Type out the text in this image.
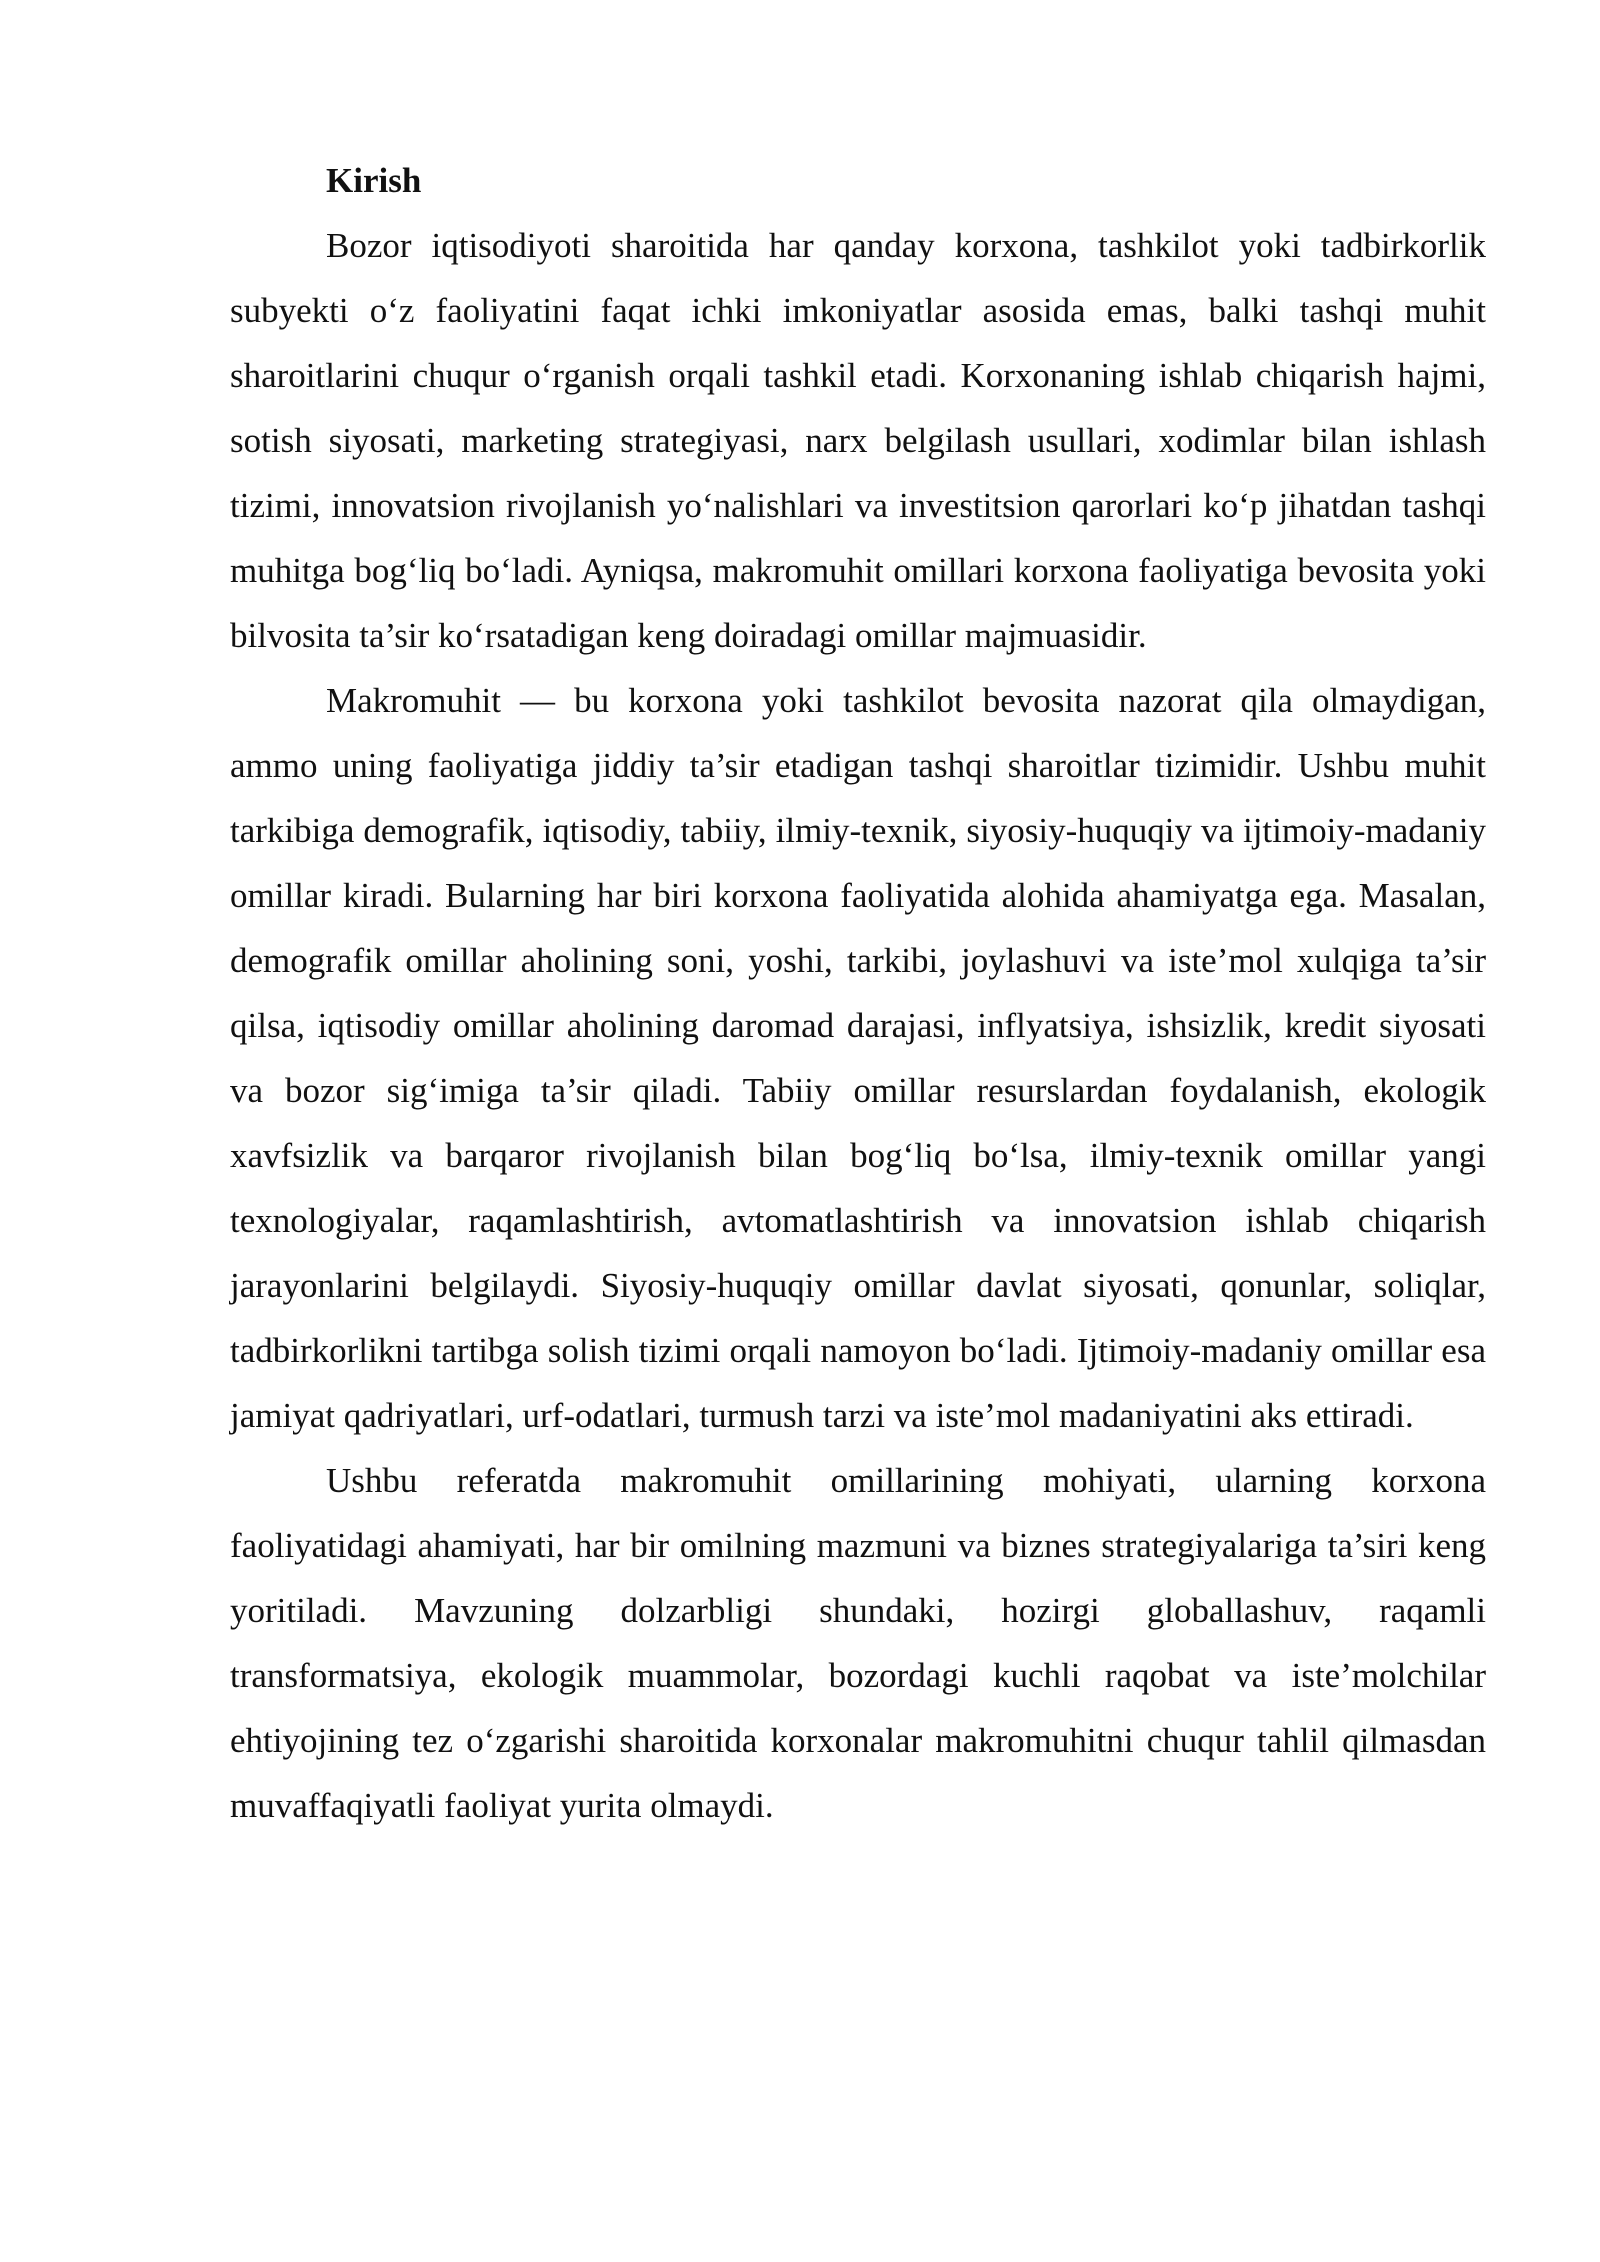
Kirish

Bozor iqtisodiyoti sharoitida har qanday korxona, tashkilot yoki tadbirkorlik subyekti o‘z faoliyatini faqat ichki imkoniyatlar asosida emas, balki tashqi muhit sharoitlarini chuqur o‘rganish orqali tashkil etadi. Korxonaning ishlab chiqarish hajmi, sotish siyosati, marketing strategiyasi, narx belgilash usullari, xodimlar bilan ishlash tizimi, innovatsion rivojlanish yo‘nalishlari va investitsion qarorlari ko‘p jihatdan tashqi muhitga bog‘liq bo‘ladi. Ayniqsa, makromuhit omillari korxona faoliyatiga bevosita yoki bilvosita ta’sir ko‘rsatadigan keng doiradagi omillar majmuasidir.

Makromuhit — bu korxona yoki tashkilot bevosita nazorat qila olmaydigan, ammo uning faoliyatiga jiddiy ta’sir etadigan tashqi sharoitlar tizimidir. Ushbu muhit tarkibiga demografik, iqtisodiy, tabiiy, ilmiy-texnik, siyosiy-huquqiy va ijtimoiy-madaniy omillar kiradi. Bularning har biri korxona faoliyatida alohida ahamiyatga ega. Masalan, demografik omillar aholining soni, yoshi, tarkibi, joylashuvi va iste’mol xulqiga ta’sir qilsa, iqtisodiy omillar aholining daromad darajasi, inflyatsiya, ishsizlik, kredit siyosati va bozor sig‘imiga ta’sir qiladi. Tabiiy omillar resurslardan foydalanish, ekologik xavfsizlik va barqaror rivojlanish bilan bog‘liq bo‘lsa, ilmiy-texnik omillar yangi texnologiyalar, raqamlashtirish, avtomatlashtirish va innovatsion ishlab chiqarish jarayonlarini belgilaydi. Siyosiy-huquqiy omillar davlat siyosati, qonunlar, soliqlar, tadbirkorlikni tartibga solish tizimi orqali namoyon bo‘ladi. Ijtimoiy-madaniy omillar esa jamiyat qadriyatlari, urf-odatlari, turmush tarzi va iste’mol madaniyatini aks ettiradi.

Ushbu referatda makromuhit omillarining mohiyati, ularning korxona faoliyatidagi ahamiyati, har bir omilning mazmuni va biznes strategiyalariga ta’siri keng yoritiladi. Mavzuning dolzarbligi shundaki, hozirgi globallashuv, raqamli transformatsiya, ekologik muammolar, bozordagi kuchli raqobat va iste’molchilar ehtiyojining tez o‘zgarishi sharoitida korxonalar makromuhitni chuqur tahlil qilmasdan muvaffaqiyatli faoliyat yurita olmaydi.
